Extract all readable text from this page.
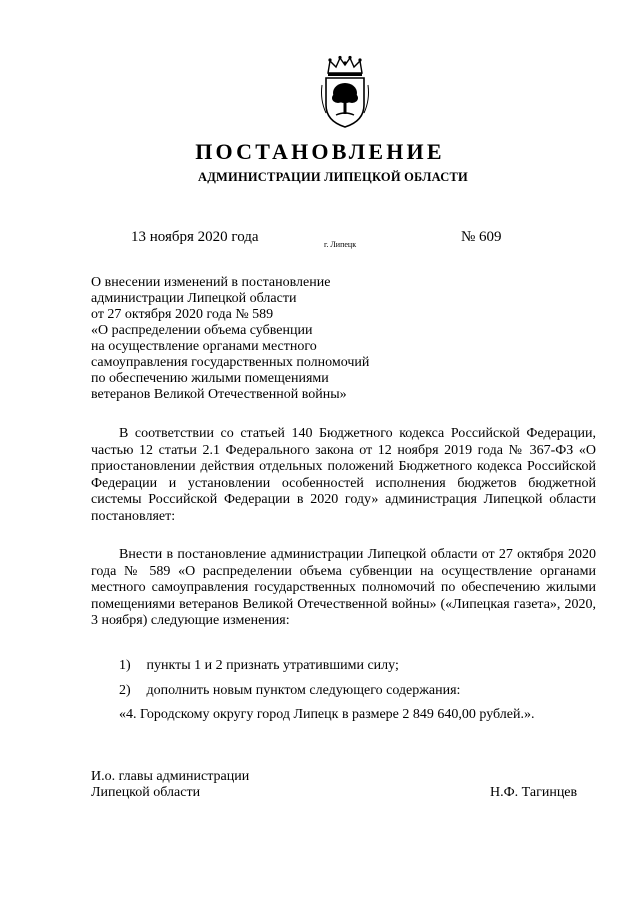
ПОСТАНОВЛЕНИЕ
АДМИНИСТРАЦИИ ЛИПЕЦКОЙ ОБЛАСТИ
13 ноября 2020 года	г. Липецк	№ 609
О внесении изменений в постановление
администрации Липецкой области
от 27 октября 2020 года № 589
«О распределении объема субвенции
на осуществление органами местного
самоуправления государственных полномочий
по обеспечению жилыми помещениями
ветеранов Великой Отечественной войны»
В соответствии со статьей 140 Бюджетного кодекса Российской Федерации, частью 12 статьи 2.1 Федерального закона от 12 ноября 2019 года № 367-ФЗ «О приостановлении действия отдельных положений Бюджетного кодекса Российской Федерации и установлении особенностей исполнения бюджетов бюджетной системы Российской Федерации в 2020 году» администрация Липецкой области постановляет:
Внести в постановление администрации Липецкой области от 27 октября 2020 года № 589 «О распределении объема субвенции на осуществление органами местного самоуправления государственных полномочий по обеспечению жилыми помещениями ветеранов Великой Отечественной войны» («Липецкая газета», 2020, 3 ноября) следующие изменения:
1) пункты 1 и 2 признать утратившими силу;
2) дополнить новым пунктом следующего содержания:
«4. Городскому округу город Липецк в размере 2 849 640,00 рублей.».
И.о. главы администрации
Липецкой области	Н.Ф. Тагинцев
